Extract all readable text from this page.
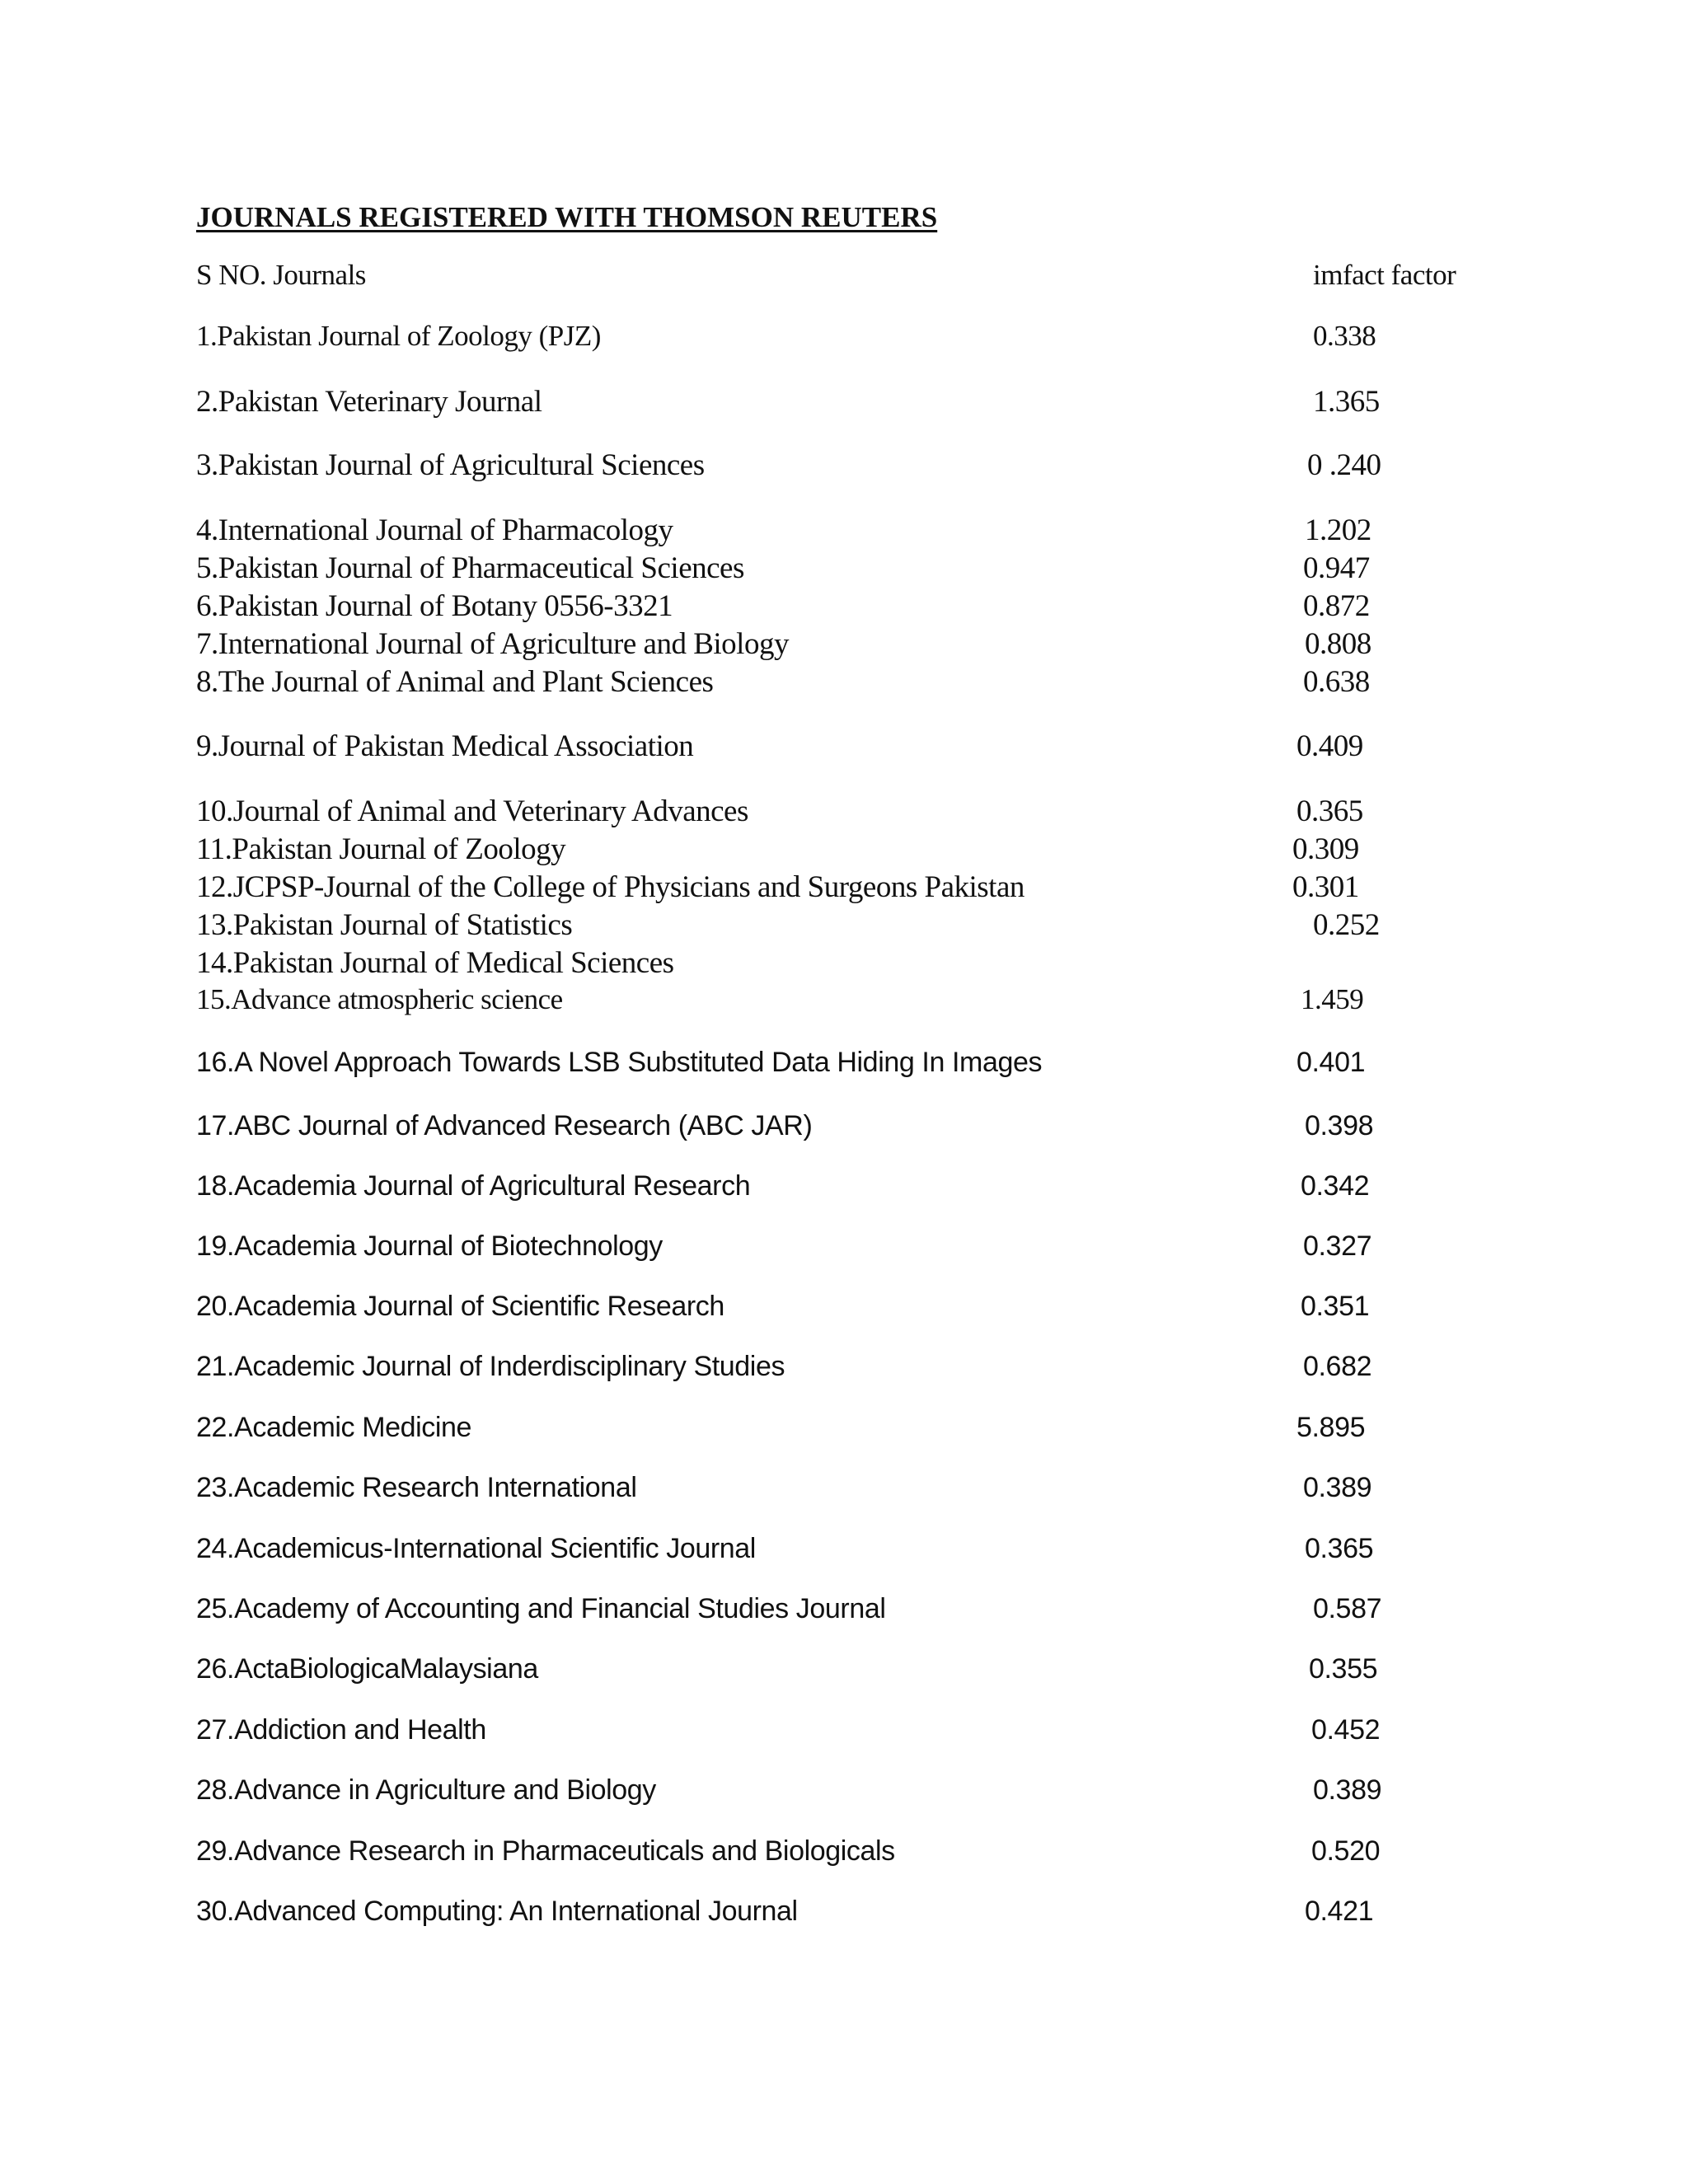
JOURNALS REGISTERED WITH THOMSON REUTERS
S NO. Journals	imfact factor
1.Pakistan Journal of Zoology (PJZ)	0.338
2.Pakistan Veterinary Journal	1.365
3.Pakistan Journal of Agricultural Sciences	0 .240
4.International Journal of Pharmacology	1.202
5.Pakistan Journal of Pharmaceutical Sciences	0.947
6.Pakistan Journal of Botany 0556-3321	0.872
7.International Journal of Agriculture and Biology	0.808
8.The Journal of Animal and Plant Sciences	0.638
9.Journal of Pakistan Medical Association	0.409
10.Journal of Animal and Veterinary Advances	0.365
11.Pakistan Journal of Zoology	0.309
12.JCPSP-Journal of the College of Physicians and Surgeons Pakistan	0.301
13.Pakistan Journal of Statistics	0.252
14.Pakistan Journal of Medical Sciences
15.Advance atmospheric science	1.459
16.A Novel Approach Towards LSB Substituted Data Hiding In Images	0.401
17.ABC Journal of Advanced Research (ABC JAR)	0.398
18.Academia Journal of Agricultural Research	0.342
19.Academia Journal of Biotechnology	0.327
20.Academia Journal of Scientific Research	0.351
21.Academic Journal of Inderdisciplinary Studies	0.682
22.Academic Medicine	5.895
23.Academic Research International	0.389
24.Academicus-International Scientific Journal	0.365
25.Academy of Accounting and Financial Studies Journal	0.587
26.ActaBiologicaMalaysiana	0.355
27.Addiction and Health	0.452
28.Advance in Agriculture and Biology	0.389
29.Advance Research in Pharmaceuticals and Biologicals	0.520
30.Advanced Computing: An International Journal	0.421
